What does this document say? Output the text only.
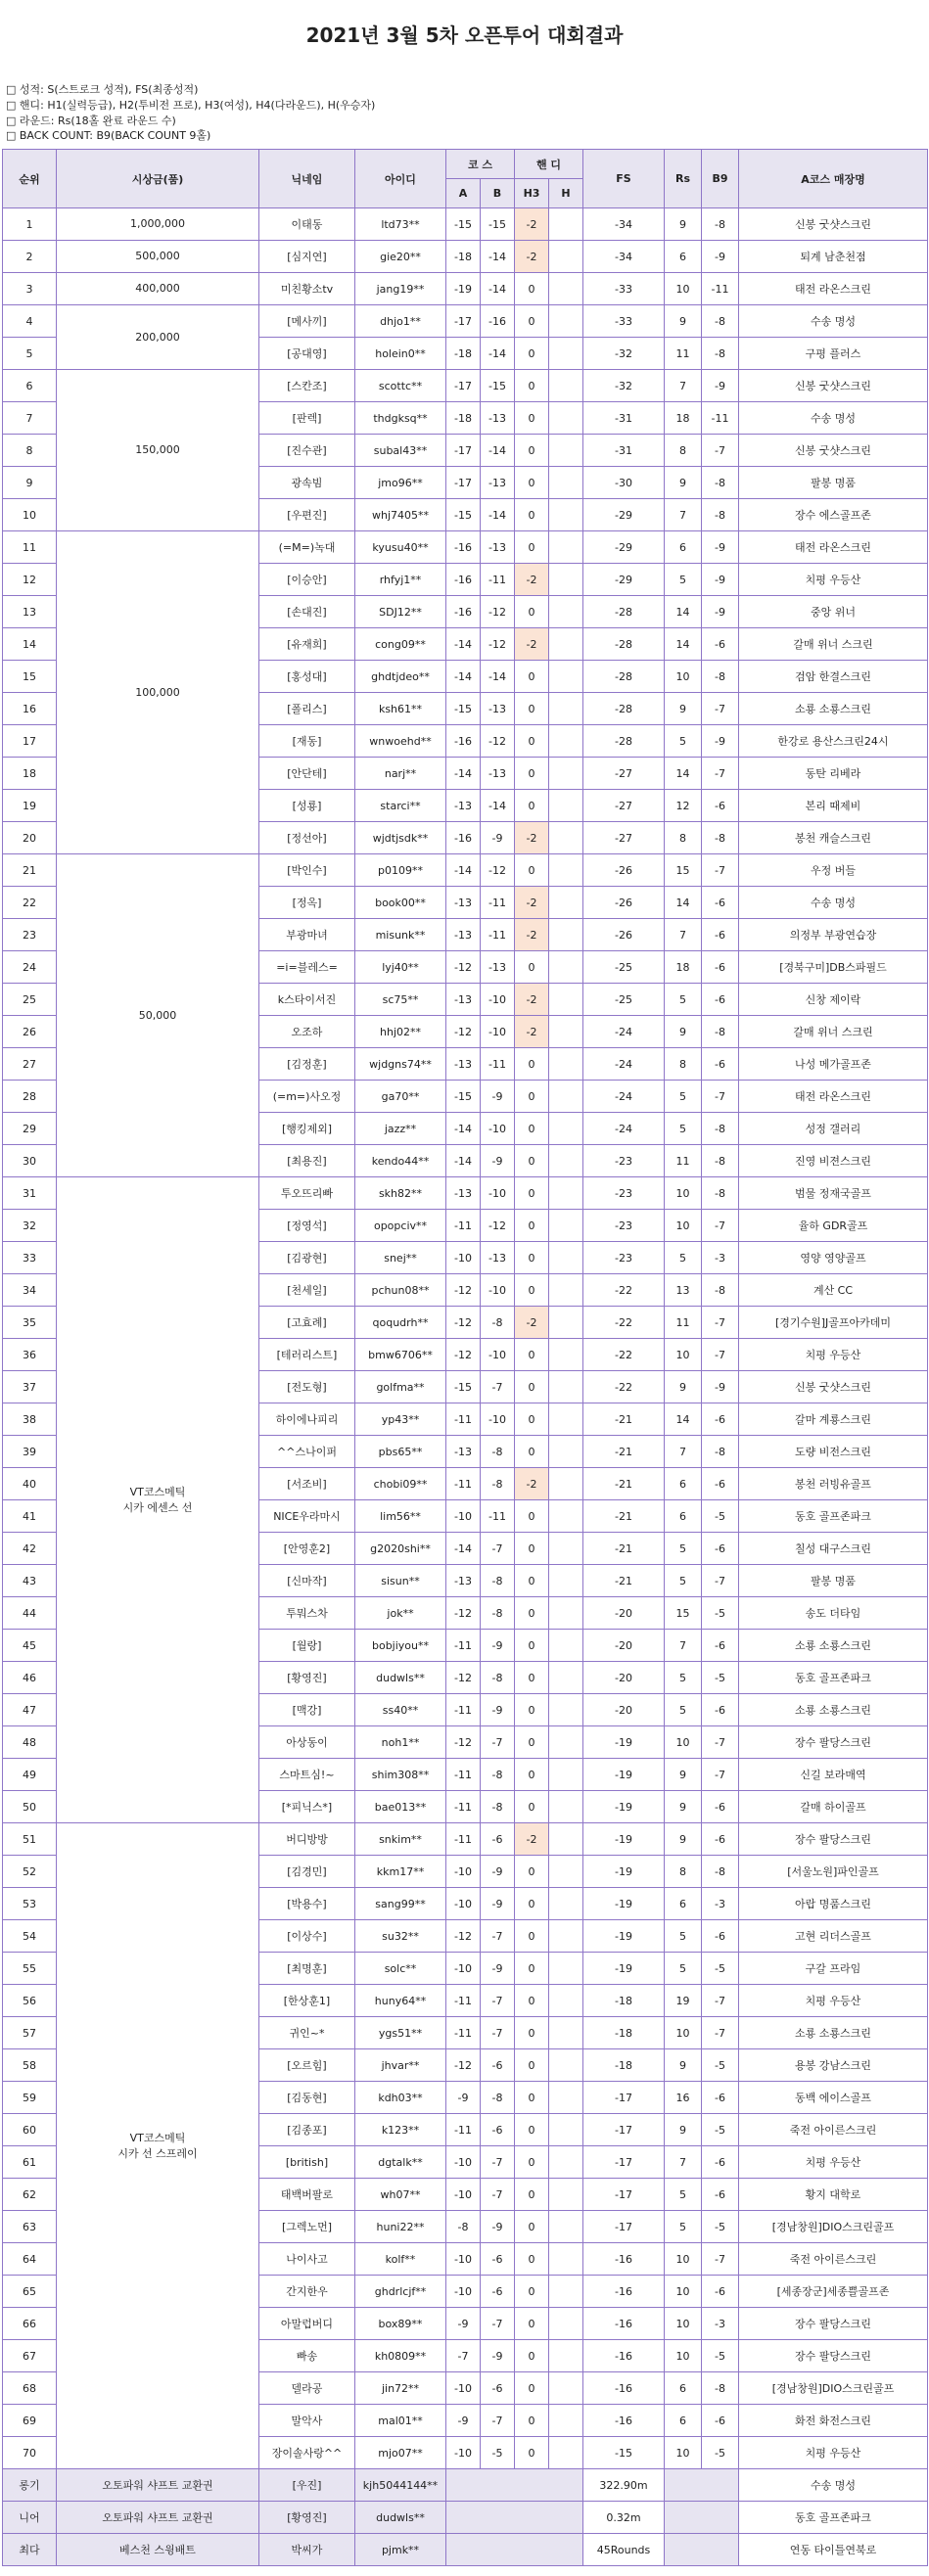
2021년 3월 5차 오픈투어 대회결과
□ 성적: S(스트로크 성적), FS(최종성적)
□ 핸디: H1(실력등급), H2(투비전 프로), H3(여성), H4(다라운드), H(우승자)
□ 라운드: Rs(18홀 완료 라운드 수)
□ BACK COUNT: B9(BACK COUNT 9홀)
순위	시상금(품)	닉네임	아이디	코 스		핸 디		FS	Rs	B9	A코스 매장명
				A	B	H3	H				
1	1,000,000	이태동	ltd73**	-15	-15	-2		-34	9	-8	신봉 굿샷스크린
2	500,000	[심지연]	gie20**	-18	-14	-2		-34	6	-9	퇴계 남춘천점
3	400,000	미친황소tv	jang19**	-19	-14	0		-33	10	-11	태전 라온스크린
4	200,000	[메사끼]	dhjo1**	-17	-16	0		-33	9	-8	수송 명성
5		[공대영]	holein0**	-18	-14	0		-32	11	-8	구평 플러스
6	150,000	[스칸조]	scottc**	-17	-15	0		-32	7	-9	신봉 굿샷스크린
7		[판렉]	thdgksq**	-18	-13	0		-31	18	-11	수송 명성
8		[진수관]	subal43**	-17	-14	0		-31	8	-7	신봉 굿샷스크린
9		광속빔	jmo96**	-17	-13	0		-30	9	-8	팔봉 명품
10		[우편진]	whj7405**	-15	-14	0		-29	7	-8	장수 에스골프존
11	100,000	(=M=)녹대	kyusu40**	-16	-13	0		-29	6	-9	태전 라온스크린
12		[이승안]	rhfyj1**	-16	-11	-2		-29	5	-9	치평 우등산
13		[손대진]	SDJ12**	-16	-12	0		-28	14	-9	중앙 위너
14		[유재희]	cong09**	-14	-12	-2		-28	14	-6	갈매 위너 스크린
15		[홍성대]	ghdtjdeo**	-14	-14	0		-28	10	-8	검암 한결스크린
16		[폴리스]	ksh61**	-15	-13	0		-28	9	-7	소룡 소룡스크린
17		[재동]	wnwoehd**	-16	-12	0		-28	5	-9	한강로 용산스크린24시
18		[안단테]	narj**	-14	-13	0		-27	14	-7	동탄 리베라
19		[성룡]	starci**	-13	-14	0		-27	12	-6	본리 때제비
20		[정선아]	wjdtjsdk**	-16	-9	-2		-27	8	-8	봉천 캐슬스크린
21	50,000	[박인수]	p0109**	-14	-12	0		-26	15	-7	우정 버들
22		[정옥]	book00**	-13	-11	-2		-26	14	-6	수송 명성
23		부광마녀	misunk**	-13	-11	-2		-26	7	-6	의정부 부광연습장
24		=i=블레스=	lyj40**	-12	-13	0		-25	18	-6	[경북구미]DB스파필드
25		k스타이서진	sc75**	-13	-10	-2		-25	5	-6	신창 제이락
26		오조하	hhj02**	-12	-10	-2		-24	9	-8	갈매 위너 스크린
27		[김정훈]	wjdgns74**	-13	-11	0		-24	8	-6	나성 메가골프존
28		(=m=)사오정	ga70**	-15	-9	0		-24	5	-7	태전 라온스크린
29		[행킹제외]	jazz**	-14	-10	0		-24	5	-8	성정 갤러리
30		[최용진]	kendo44**	-14	-9	0		-23	11	-8	진영 비젼스크린
31	VT코스메틱
시카 에센스 선	투오뜨리빠	skh82**	-13	-10	0		-23	10	-8	범물 정재국골프
32		[정영석]	opopciv**	-11	-12	0		-23	10	-7	율하 GDR골프
33		[김광현]	snej**	-10	-13	0		-23	5	-3	영양 영양골프
34		[천세일]	pchun08**	-12	-10	0		-22	13	-8	계산 CC
35		[고효례]	qoqudrh**	-12	-8	-2		-22	11	-7	[경기수원]J골프아카데미
36		[테러리스트]	bmw6706**	-12	-10	0		-22	10	-7	치평 우등산
37		[전도형]	golfma**	-15	-7	0		-22	9	-9	신봉 굿샷스크린
38		하이에나피리	yp43**	-11	-10	0		-21	14	-6	갈마 계룡스크린
39		^^스나이퍼	pbs65**	-13	-8	0		-21	7	-8	도량 비전스크린
40		[서조비]	chobi09**	-11	-8	-2		-21	6	-6	봉천 러빙유골프
41		NICE우라마시	lim56**	-10	-11	0		-21	6	-5	동호 골프존파크
42		[안영훈2]	g2020shi**	-14	-7	0		-21	5	-6	칠성 대구스크린
43		[신마작]	sisun**	-13	-8	0		-21	5	-7	팔봉 명품
44		투뭐스차	jok**	-12	-8	0		-20	15	-5	송도 더타임
45		[월랑]	bobjiyou**	-11	-9	0		-20	7	-6	소룡 소룡스크린
46		[황영진]	dudwls**	-12	-8	0		-20	5	-5	동호 골프존파크
47		[맥강]	ss40**	-11	-9	0		-20	5	-6	소룡 소룡스크린
48		아상동이	noh1**	-12	-7	0		-19	10	-7	장수 팔당스크린
49		스마트심!~	shim308**	-11	-8	0		-19	9	-7	신길 보라매역
50		[*피닉스*]	bae013**	-11	-8	0		-19	9	-6	갈매 하이골프
51	VT코스메틱
시카 선 스프레이	버디방방	snkim**	-11	-6	-2		-19	9	-6	장수 팔당스크린
52		[김경민]	kkm17**	-10	-9	0		-19	8	-8	[서울노원]파인골프
53		[박용수]	sang99**	-10	-9	0		-19	6	-3	아랍 명품스크린
54		[이상수]	su32**	-12	-7	0		-19	5	-6	고현 리더스골프
55		[최명훈]	solc**	-10	-9	0		-19	5	-5	구갈 프라임
56		[한상훈1]	huny64**	-11	-7	0		-18	19	-7	치평 우등산
57		귀인~*	ygs51**	-11	-7	0		-18	10	-7	소룡 소룡스크린
58		[오르힘]	jhvar**	-12	-6	0		-18	9	-5	용봉 강남스크린
59		[김동현]	kdh03**	-9	-8	0		-17	16	-6	동백 에이스골프
60		[김종포]	k123**	-11	-6	0		-17	9	-5	죽전 아이른스크린
61		[british]	dgtalk**	-10	-7	0		-17	7	-6	치평 우등산
62		태백버팔로	wh07**	-10	-7	0		-17	5	-6	황지 대학로
63		[그렉노먼]	huni22**	-8	-9	0		-17	5	-5	[경남창원]DIO스크린골프
64		나이사고	kolf**	-10	-6	0		-16	10	-7	죽전 아이른스크린
65		간지한우	ghdrlcjf**	-10	-6	0		-16	10	-6	[세종장군]세종쁠골프존
66		아말럽버디	box89**	-9	-7	0		-16	10	-3	장수 팔당스크린
67		빠송	kh0809**	-7	-9	0		-16	10	-5	장수 팔당스크린
68		델라공	jin72**	-10	-6	0		-16	6	-8	[경남창원]DIO스크린골프
69		말악사	mal01**	-9	-7	0		-16	6	-6	화전 화전스크린
70		장이솔사랑^^	mjo07**	-10	-5	0		-15	10	-5	치평 우등산
롱기	오토파워 샤프트 교환권	[우진]	kjh5044144**					322.90m			수송 명성
니어	오토파워 샤프트 교환권	[황영진]	dudwls**					0.32m			동호 골프존파크
최다	베스천 스윙배트	박씨가	pjmk**					45Rounds			연동 타이틀연북로
